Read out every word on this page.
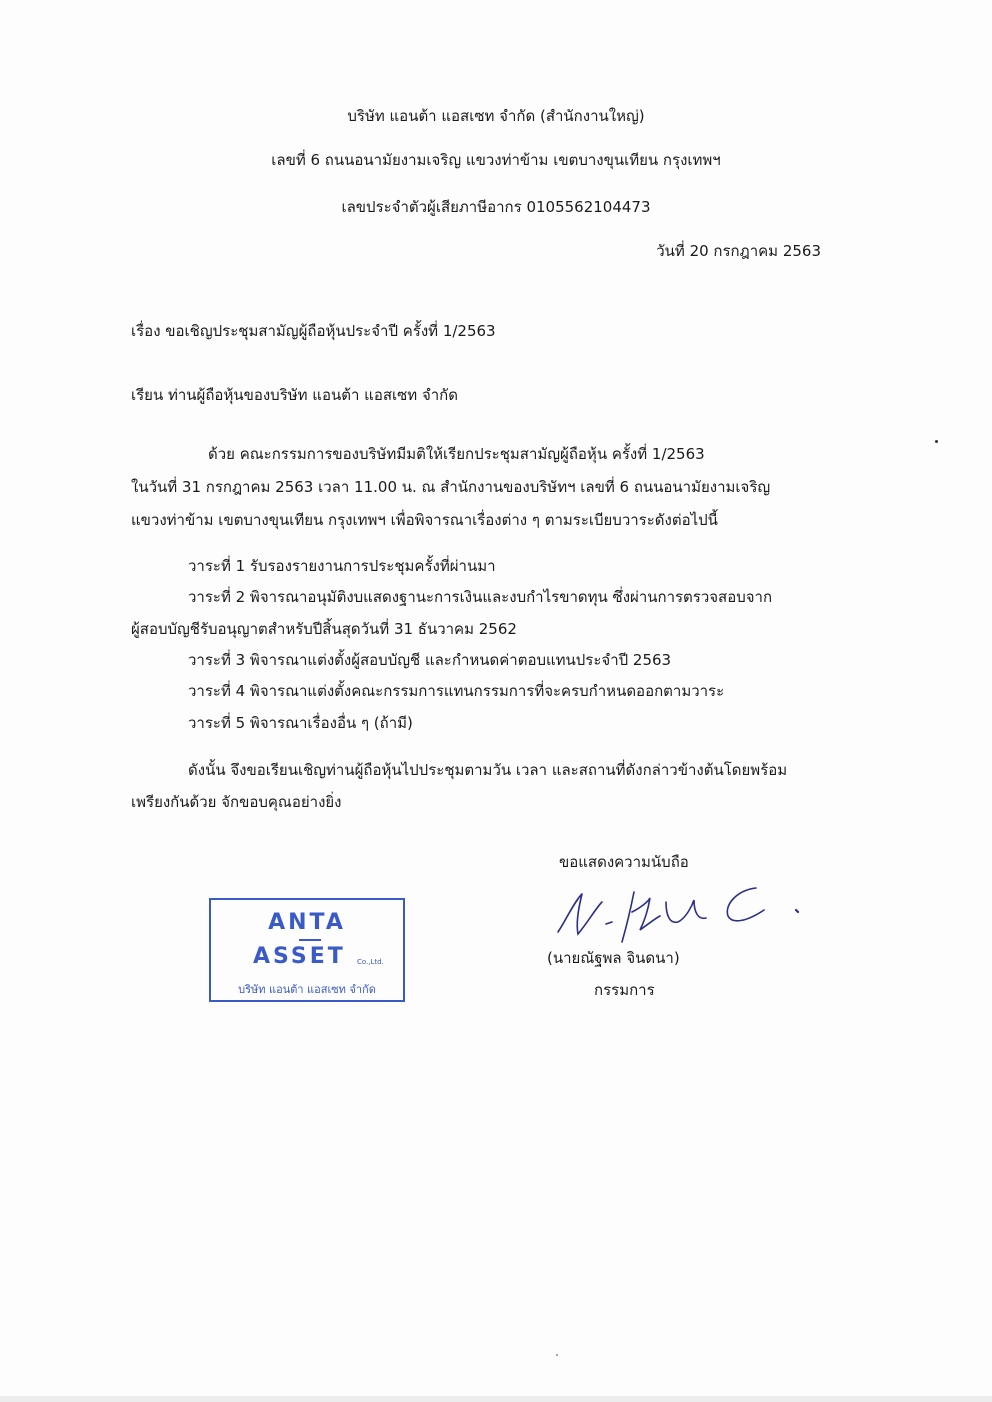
บริษัท แอนต้า แอสเซท จำกัด (สำนักงานใหญ่)
เลขที่ 6 ถนนอนามัยงามเจริญ แขวงท่าข้าม เขตบางขุนเทียน กรุงเทพฯ
เลขประจำตัวผู้เสียภาษีอากร 0105562104473
วันที่ 20 กรกฎาคม 2563
เรื่อง ขอเชิญประชุมสามัญผู้ถือหุ้นประจำปี ครั้งที่ 1/2563
เรียน ท่านผู้ถือหุ้นของบริษัท แอนต้า แอสเซท จำกัด
ด้วย คณะกรรมการของบริษัทมีมติให้เรียกประชุมสามัญผู้ถือหุ้น ครั้งที่ 1/2563
ในวันที่ 31 กรกฎาคม 2563 เวลา 11.00 น. ณ สำนักงานของบริษัทฯ เลขที่ 6 ถนนอนามัยงามเจริญ
แขวงท่าข้าม เขตบางขุนเทียน กรุงเทพฯ เพื่อพิจารณาเรื่องต่าง ๆ ตามระเบียบวาระดังต่อไปนี้
วาระที่ 1 รับรองรายงานการประชุมครั้งที่ผ่านมา
วาระที่ 2 พิจารณาอนุมัติงบแสดงฐานะการเงินและงบกำไรขาดทุน ซึ่งผ่านการตรวจสอบจาก
ผู้สอบบัญชีรับอนุญาตสำหรับปีสิ้นสุดวันที่ 31 ธันวาคม 2562
วาระที่ 3 พิจารณาแต่งตั้งผู้สอบบัญชี และกำหนดค่าตอบแทนประจำปี 2563
วาระที่ 4 พิจารณาแต่งตั้งคณะกรรมการแทนกรรมการที่จะครบกำหนดออกตามวาระ
วาระที่ 5 พิจารณาเรื่องอื่น ๆ (ถ้ามี)
ดังนั้น จึงขอเรียนเชิญท่านผู้ถือหุ้นไปประชุมตามวัน เวลา และสถานที่ดังกล่าวข้างต้นโดยพร้อม
เพรียงกันด้วย จักขอบคุณอย่างยิ่ง
ขอแสดงความนับถือ
(นายณัฐพล จินดนา)
กรรมการ
ANTA
ASSET Co.,Ltd.
บริษัท แอนต้า แอสเซท จำกัด
